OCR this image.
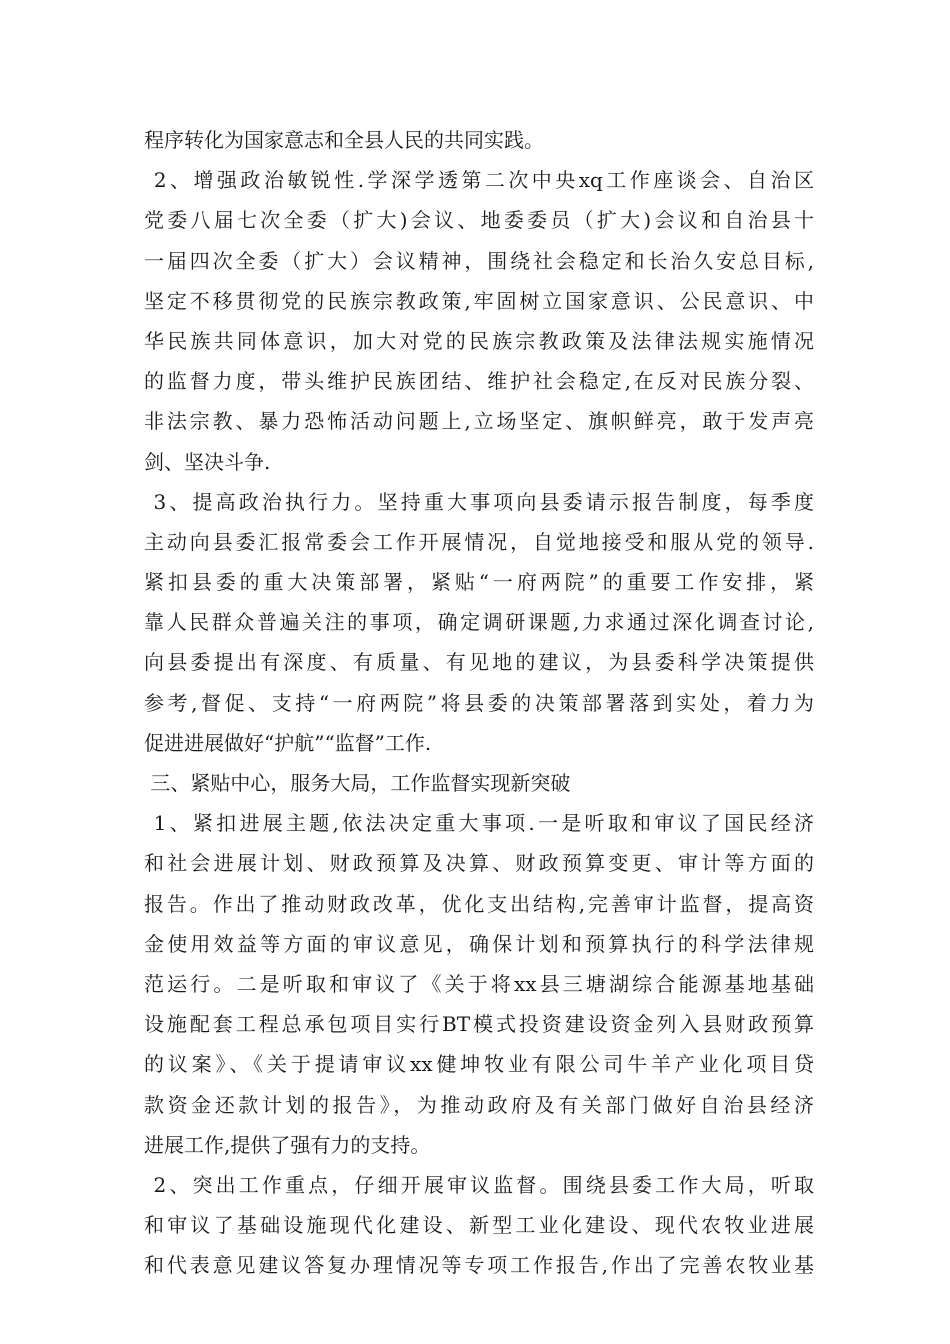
程序转化为国家意志和全县人民的共同实践。
2、增强政治敏锐性.学深学透第二次中央xq工作座谈会、自治区
党委八届七次全委（扩大)会议、地委委员（扩大)会议和自治县十
一届四次全委（扩大）会议精神，围绕社会稳定和长治久安总目标,
坚定不移贯彻党的民族宗教政策,牢固树立国家意识、公民意识、中
华民族共同体意识，加大对党的民族宗教政策及法律法规实施情况
的监督力度，带头维护民族团结、维护社会稳定,在反对民族分裂、
非法宗教、暴力恐怖活动问题上,立场坚定、旗帜鲜亮，敢于发声亮
剑、坚决斗争.
3、提高政治执行力。坚持重大事项向县委请示报告制度，每季度
主动向县委汇报常委会工作开展情况，自觉地接受和服从党的领导.
紧扣县委的重大决策部署，紧贴“一府两院”的重要工作安排，紧
靠人民群众普遍关注的事项，确定调研课题,力求通过深化调查讨论,
向县委提出有深度、有质量、有见地的建议，为县委科学决策提供
参考,督促、支持“一府两院”将县委的决策部署落到实处，着力为
促进进展做好“护航”“监督”工作.
三、紧贴中心，服务大局，工作监督实现新突破
1、紧扣进展主题,依法决定重大事项.一是听取和审议了国民经济
和社会进展计划、财政预算及决算、财政预算变更、审计等方面的
报告。作出了推动财政改革，优化支出结构,完善审计监督，提高资
金使用效益等方面的审议意见，确保计划和预算执行的科学法律规
范运行。二是听取和审议了《关于将xx县三塘湖综合能源基地基础
设施配套工程总承包项目实行BT模式投资建设资金列入县财政预算
的议案》、《关于提请审议xx健坤牧业有限公司牛羊产业化项目贷
款资金还款计划的报告》，为推动政府及有关部门做好自治县经济
进展工作,提供了强有力的支持。
2、突出工作重点，仔细开展审议监督。围绕县委工作大局，听取
和审议了基础设施现代化建设、新型工业化建设、现代农牧业进展
和代表意见建议答复办理情况等专项工作报告,作出了完善农牧业基
